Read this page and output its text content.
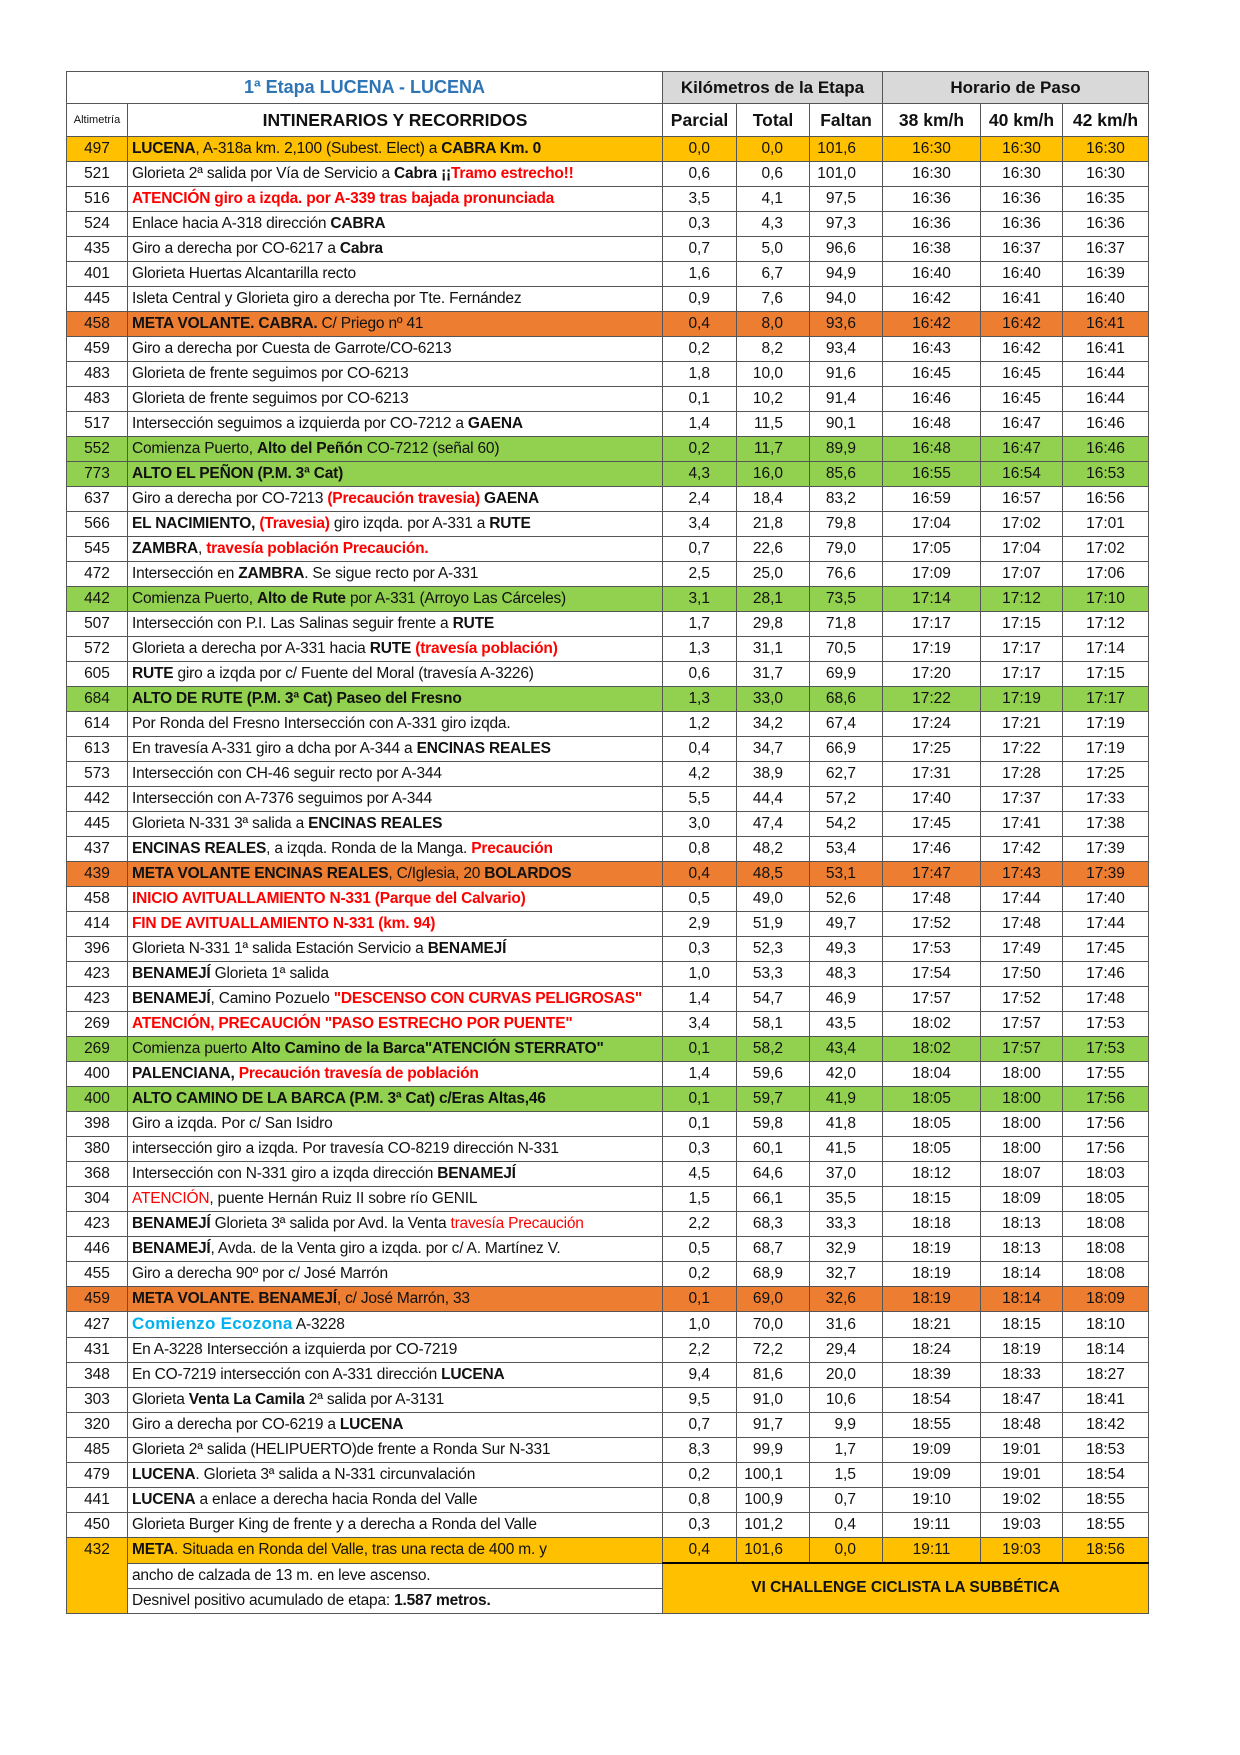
1ª Etapa LUCENA - LUCENA		Kilómetros de la Etapa			Horario de Paso		
Altimetría	INTINERARIOS Y RECORRIDOS	Parcial	Total	Faltan	38 km/h	40 km/h	42 km/h
497	LUCENA, A-318a km. 2,100 (Subest. Elect) a CABRA Km. 0	0,0	0,0	101,6	16:30	16:30	16:30
521	Glorieta 2ª salida por Vía de Servicio a Cabra ¡¡Tramo estrecho!!	0,6	0,6	101,0	16:30	16:30	16:30
516	ATENCIÓN giro a izqda. por A-339 tras bajada pronunciada	3,5	4,1	97,5	16:36	16:36	16:35
524	Enlace hacia A-318 dirección CABRA	0,3	4,3	97,3	16:36	16:36	16:36
435	Giro a derecha por CO-6217 a Cabra	0,7	5,0	96,6	16:38	16:37	16:37
401	Glorieta Huertas Alcantarilla recto	1,6	6,7	94,9	16:40	16:40	16:39
445	Isleta Central y Glorieta giro a derecha por Tte. Fernández	0,9	7,6	94,0	16:42	16:41	16:40
458	META VOLANTE. CABRA. C/ Priego nº 41	0,4	8,0	93,6	16:42	16:42	16:41
459	Giro a derecha por Cuesta de Garrote/CO-6213	0,2	8,2	93,4	16:43	16:42	16:41
483	Glorieta de frente seguimos por CO-6213	1,8	10,0	91,6	16:45	16:45	16:44
483	Glorieta de frente seguimos por CO-6213	0,1	10,2	91,4	16:46	16:45	16:44
517	Intersección seguimos a izquierda por CO-7212 a GAENA	1,4	11,5	90,1	16:48	16:47	16:46
552	Comienza Puerto, Alto del Peñón CO-7212 (señal 60)	0,2	11,7	89,9	16:48	16:47	16:46
773	ALTO EL PEÑON (P.M. 3ª Cat)	4,3	16,0	85,6	16:55	16:54	16:53
637	Giro a derecha por CO-7213 (Precaución travesia) GAENA	2,4	18,4	83,2	16:59	16:57	16:56
566	EL NACIMIENTO, (Travesia) giro izqda. por A-331 a RUTE	3,4	21,8	79,8	17:04	17:02	17:01
545	ZAMBRA, travesía población Precaución.	0,7	22,6	79,0	17:05	17:04	17:02
472	Intersección en ZAMBRA. Se sigue recto por A-331	2,5	25,0	76,6	17:09	17:07	17:06
442	Comienza Puerto, Alto de Rute por A-331 (Arroyo Las Cárceles)	3,1	28,1	73,5	17:14	17:12	17:10
507	Intersección con P.I. Las Salinas seguir frente a RUTE	1,7	29,8	71,8	17:17	17:15	17:12
572	Glorieta a derecha por A-331 hacia RUTE (travesía población)	1,3	31,1	70,5	17:19	17:17	17:14
605	RUTE giro a izqda por c/ Fuente del Moral (travesía A-3226)	0,6	31,7	69,9	17:20	17:17	17:15
684	ALTO DE RUTE (P.M. 3ª Cat) Paseo del Fresno	1,3	33,0	68,6	17:22	17:19	17:17
614	Por Ronda del Fresno Intersección con A-331 giro izqda.	1,2	34,2	67,4	17:24	17:21	17:19
613	En travesía A-331 giro a dcha por A-344 a ENCINAS REALES	0,4	34,7	66,9	17:25	17:22	17:19
573	Intersección con CH-46 seguir recto por A-344	4,2	38,9	62,7	17:31	17:28	17:25
442	Intersección con A-7376 seguimos por A-344	5,5	44,4	57,2	17:40	17:37	17:33
445	Glorieta N-331 3ª salida a ENCINAS REALES	3,0	47,4	54,2	17:45	17:41	17:38
437	ENCINAS REALES, a izqda. Ronda de la Manga. Precaución	0,8	48,2	53,4	17:46	17:42	17:39
439	META VOLANTE ENCINAS REALES, C/Iglesia, 20 BOLARDOS	0,4	48,5	53,1	17:47	17:43	17:39
458	INICIO AVITUALLAMIENTO N-331 (Parque del Calvario)	0,5	49,0	52,6	17:48	17:44	17:40
414	FIN DE AVITUALLAMIENTO N-331 (km. 94)	2,9	51,9	49,7	17:52	17:48	17:44
396	Glorieta N-331 1ª salida Estación Servicio a BENAMEJÍ	0,3	52,3	49,3	17:53	17:49	17:45
423	BENAMEJÍ Glorieta 1ª salida	1,0	53,3	48,3	17:54	17:50	17:46
423	BENAMEJÍ, Camino Pozuelo "DESCENSO CON CURVAS PELIGROSAS"	1,4	54,7	46,9	17:57	17:52	17:48
269	ATENCIÓN, PRECAUCIÓN "PASO ESTRECHO POR PUENTE"	3,4	58,1	43,5	18:02	17:57	17:53
269	Comienza puerto Alto Camino de la Barca"ATENCIÓN STERRATO"	0,1	58,2	43,4	18:02	17:57	17:53
400	PALENCIANA, Precaución travesía de población	1,4	59,6	42,0	18:04	18:00	17:55
400	ALTO CAMINO DE LA BARCA (P.M. 3ª Cat) c/Eras Altas,46	0,1	59,7	41,9	18:05	18:00	17:56
398	Giro a izqda. Por c/ San Isidro	0,1	59,8	41,8	18:05	18:00	17:56
380	intersección giro a izqda. Por travesía CO-8219 dirección N-331	0,3	60,1	41,5	18:05	18:00	17:56
368	Intersección con N-331 giro a izqda dirección BENAMEJÍ	4,5	64,6	37,0	18:12	18:07	18:03
304	ATENCIÓN, puente Hernán Ruiz II sobre río GENIL	1,5	66,1	35,5	18:15	18:09	18:05
423	BENAMEJÍ Glorieta 3ª salida por Avd. la Venta travesía Precaución	2,2	68,3	33,3	18:18	18:13	18:08
446	BENAMEJÍ, Avda. de la Venta giro a izqda. por c/ A. Martínez V.	0,5	68,7	32,9	18:19	18:13	18:08
455	Giro a derecha 90º por c/ José Marrón	0,2	68,9	32,7	18:19	18:14	18:08
459	META VOLANTE. BENAMEJÍ, c/ José Marrón, 33	0,1	69,0	32,6	18:19	18:14	18:09
427	Comienzo Ecozona A-3228	1,0	70,0	31,6	18:21	18:15	18:10
431	En A-3228 Intersección a izquierda por CO-7219	2,2	72,2	29,4	18:24	18:19	18:14
348	En CO-7219 intersección con A-331 dirección LUCENA	9,4	81,6	20,0	18:39	18:33	18:27
303	Glorieta Venta La Camila 2ª salida por A-3131	9,5	91,0	10,6	18:54	18:47	18:41
320	Giro a derecha por CO-6219 a LUCENA	0,7	91,7	9,9	18:55	18:48	18:42
485	Glorieta 2ª salida (HELIPUERTO)de frente a Ronda Sur N-331	8,3	99,9	1,7	19:09	19:01	18:53
479	LUCENA. Glorieta 3ª salida a N-331 circunvalación	0,2	100,1	1,5	19:09	19:01	18:54
441	LUCENA a enlace a derecha hacia Ronda del Valle	0,8	100,9	0,7	19:10	19:02	18:55
450	Glorieta Burger King de frente y a derecha a Ronda del Valle	0,3	101,2	0,4	19:11	19:03	18:55
432	META. Situada en Ronda del Valle, tras una recta de 400 m. y	0,4	101,6	0,0	19:11	19:03	18:56
	ancho de calzada de 13 m. en leve ascenso.	VI CHALLENGE CICLISTA LA SUBBÉTICA					
	Desnivel positivo acumulado de etapa: 1.587 metros.						
